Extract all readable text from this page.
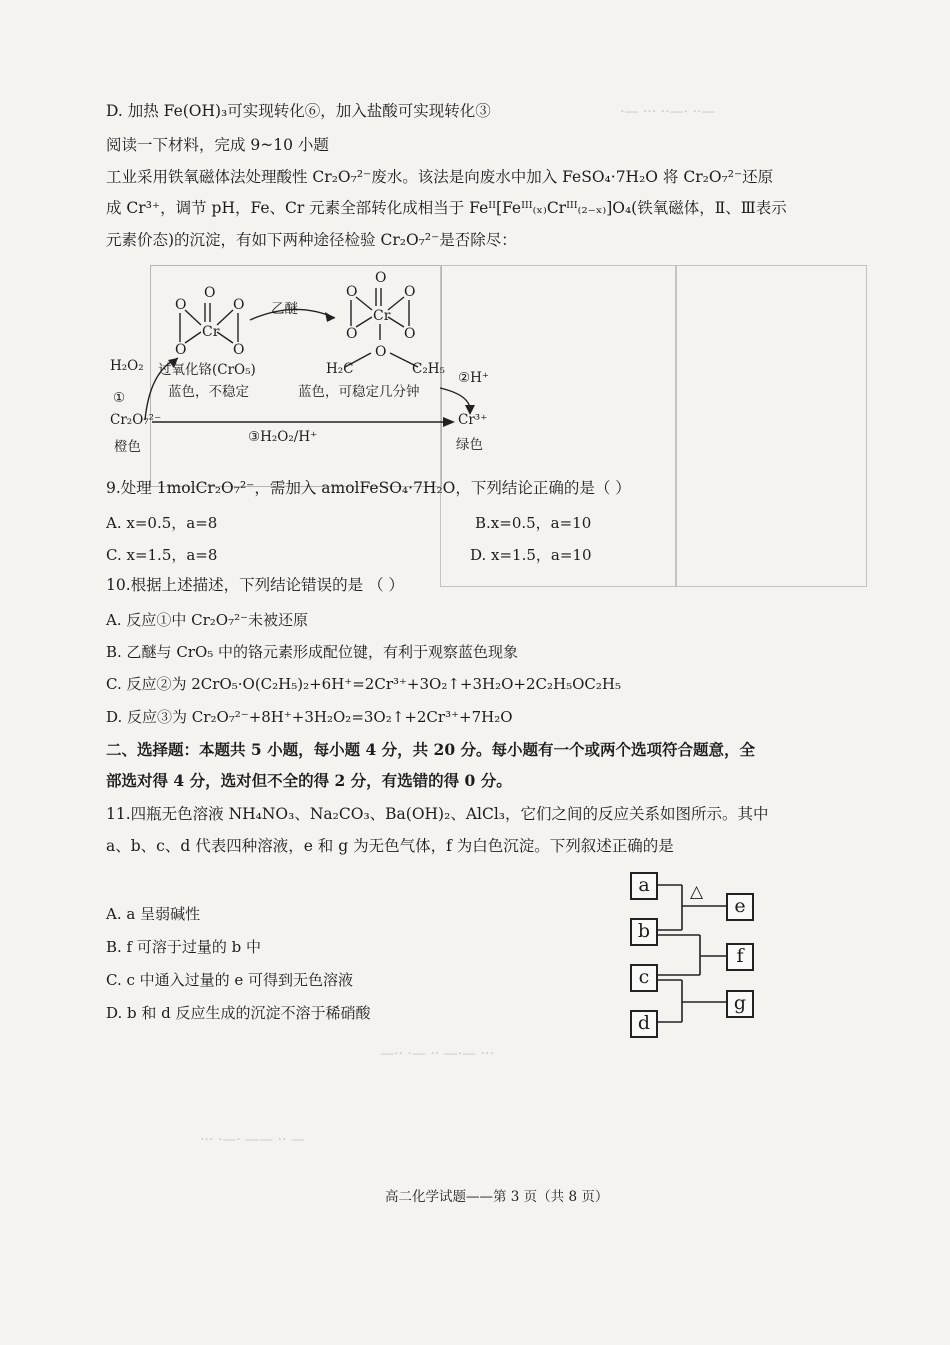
—·· ·—·· ··· —·
··· —·— ·· —· ··—
— ·· —— ·—· ···
D. 加热 Fe(OH)₃可实现转化⑥，加入盐酸可实现转化③
阅读一下材料，完成 9~10 小题
工业采用铁氧磁体法处理酸性 Cr₂O₇²⁻废水。该法是向废水中加入 FeSO₄·7H₂O 将 Cr₂O₇²⁻还原
成 Cr³⁺，调节 pH，Fe、Cr 元素全部转化成相当于 Feᴵᴵ[Feᴵᴵᴵ₍ₓ₎Crᴵᴵᴵ₍₂₋ₓ₎]O₄(铁氧磁体，Ⅱ、Ⅲ表示
元素价态)的沉淀，有如下两种途径检验 Cr₂O₇²⁻是否除尽：
Cr
O
O	O
O	O
Cr
O
O	O
O	O
O
乙醚
H₂O₂ 过氧化铬(CrO₅)
蓝色，不稳定
H₂C	C₂H₅
蓝色，可稳定几分钟
②H⁺
①
Cr₂O₇²⁻
橙色
③H₂O₂/H⁺
Cr³⁺
绿色
9.处理 1molCr₂O₇²⁻，需加入 amolFeSO₄·7H₂O，下列结论正确的是（ ）
A. x=0.5，a=8	B.x=0.5，a=10
C. x=1.5，a=8	D. x=1.5，a=10
10.根据上述描述，下列结论错误的是 （ ）
A. 反应①中 Cr₂O₇²⁻未被还原
B. 乙醚与 CrO₅ 中的铬元素形成配位键，有利于观察蓝色现象
C. 反应②为 2CrO₅·O(C₂H₅)₂+6H⁺=2Cr³⁺+3O₂↑+3H₂O+2C₂H₅OC₂H₅
D. 反应③为 Cr₂O₇²⁻+8H⁺+3H₂O₂=3O₂↑+2Cr³⁺+7H₂O
二、选择题：本题共 5 小题，每小题 4 分，共 20 分。每小题有一个或两个选项符合题意，全
部选对得 4 分，选对但不全的得 2 分，有选错的得 0 分。
11.四瓶无色溶液 NH₄NO₃、Na₂CO₃、Ba(OH)₂、AlCl₃，它们之间的反应关系如图所示。其中
a、b、c、d 代表四种溶液，e 和 g 为无色气体，f 为白色沉淀。下列叙述正确的是
A. a 呈弱碱性
B. f 可溶于过量的 b 中
C. c 中通入过量的 e 可得到无色溶液
D. b 和 d 反应生成的沉淀不溶于稀硝酸
△
a
b
c
d
e
f
g
高二化学试题——第 3 页（共 8 页）
